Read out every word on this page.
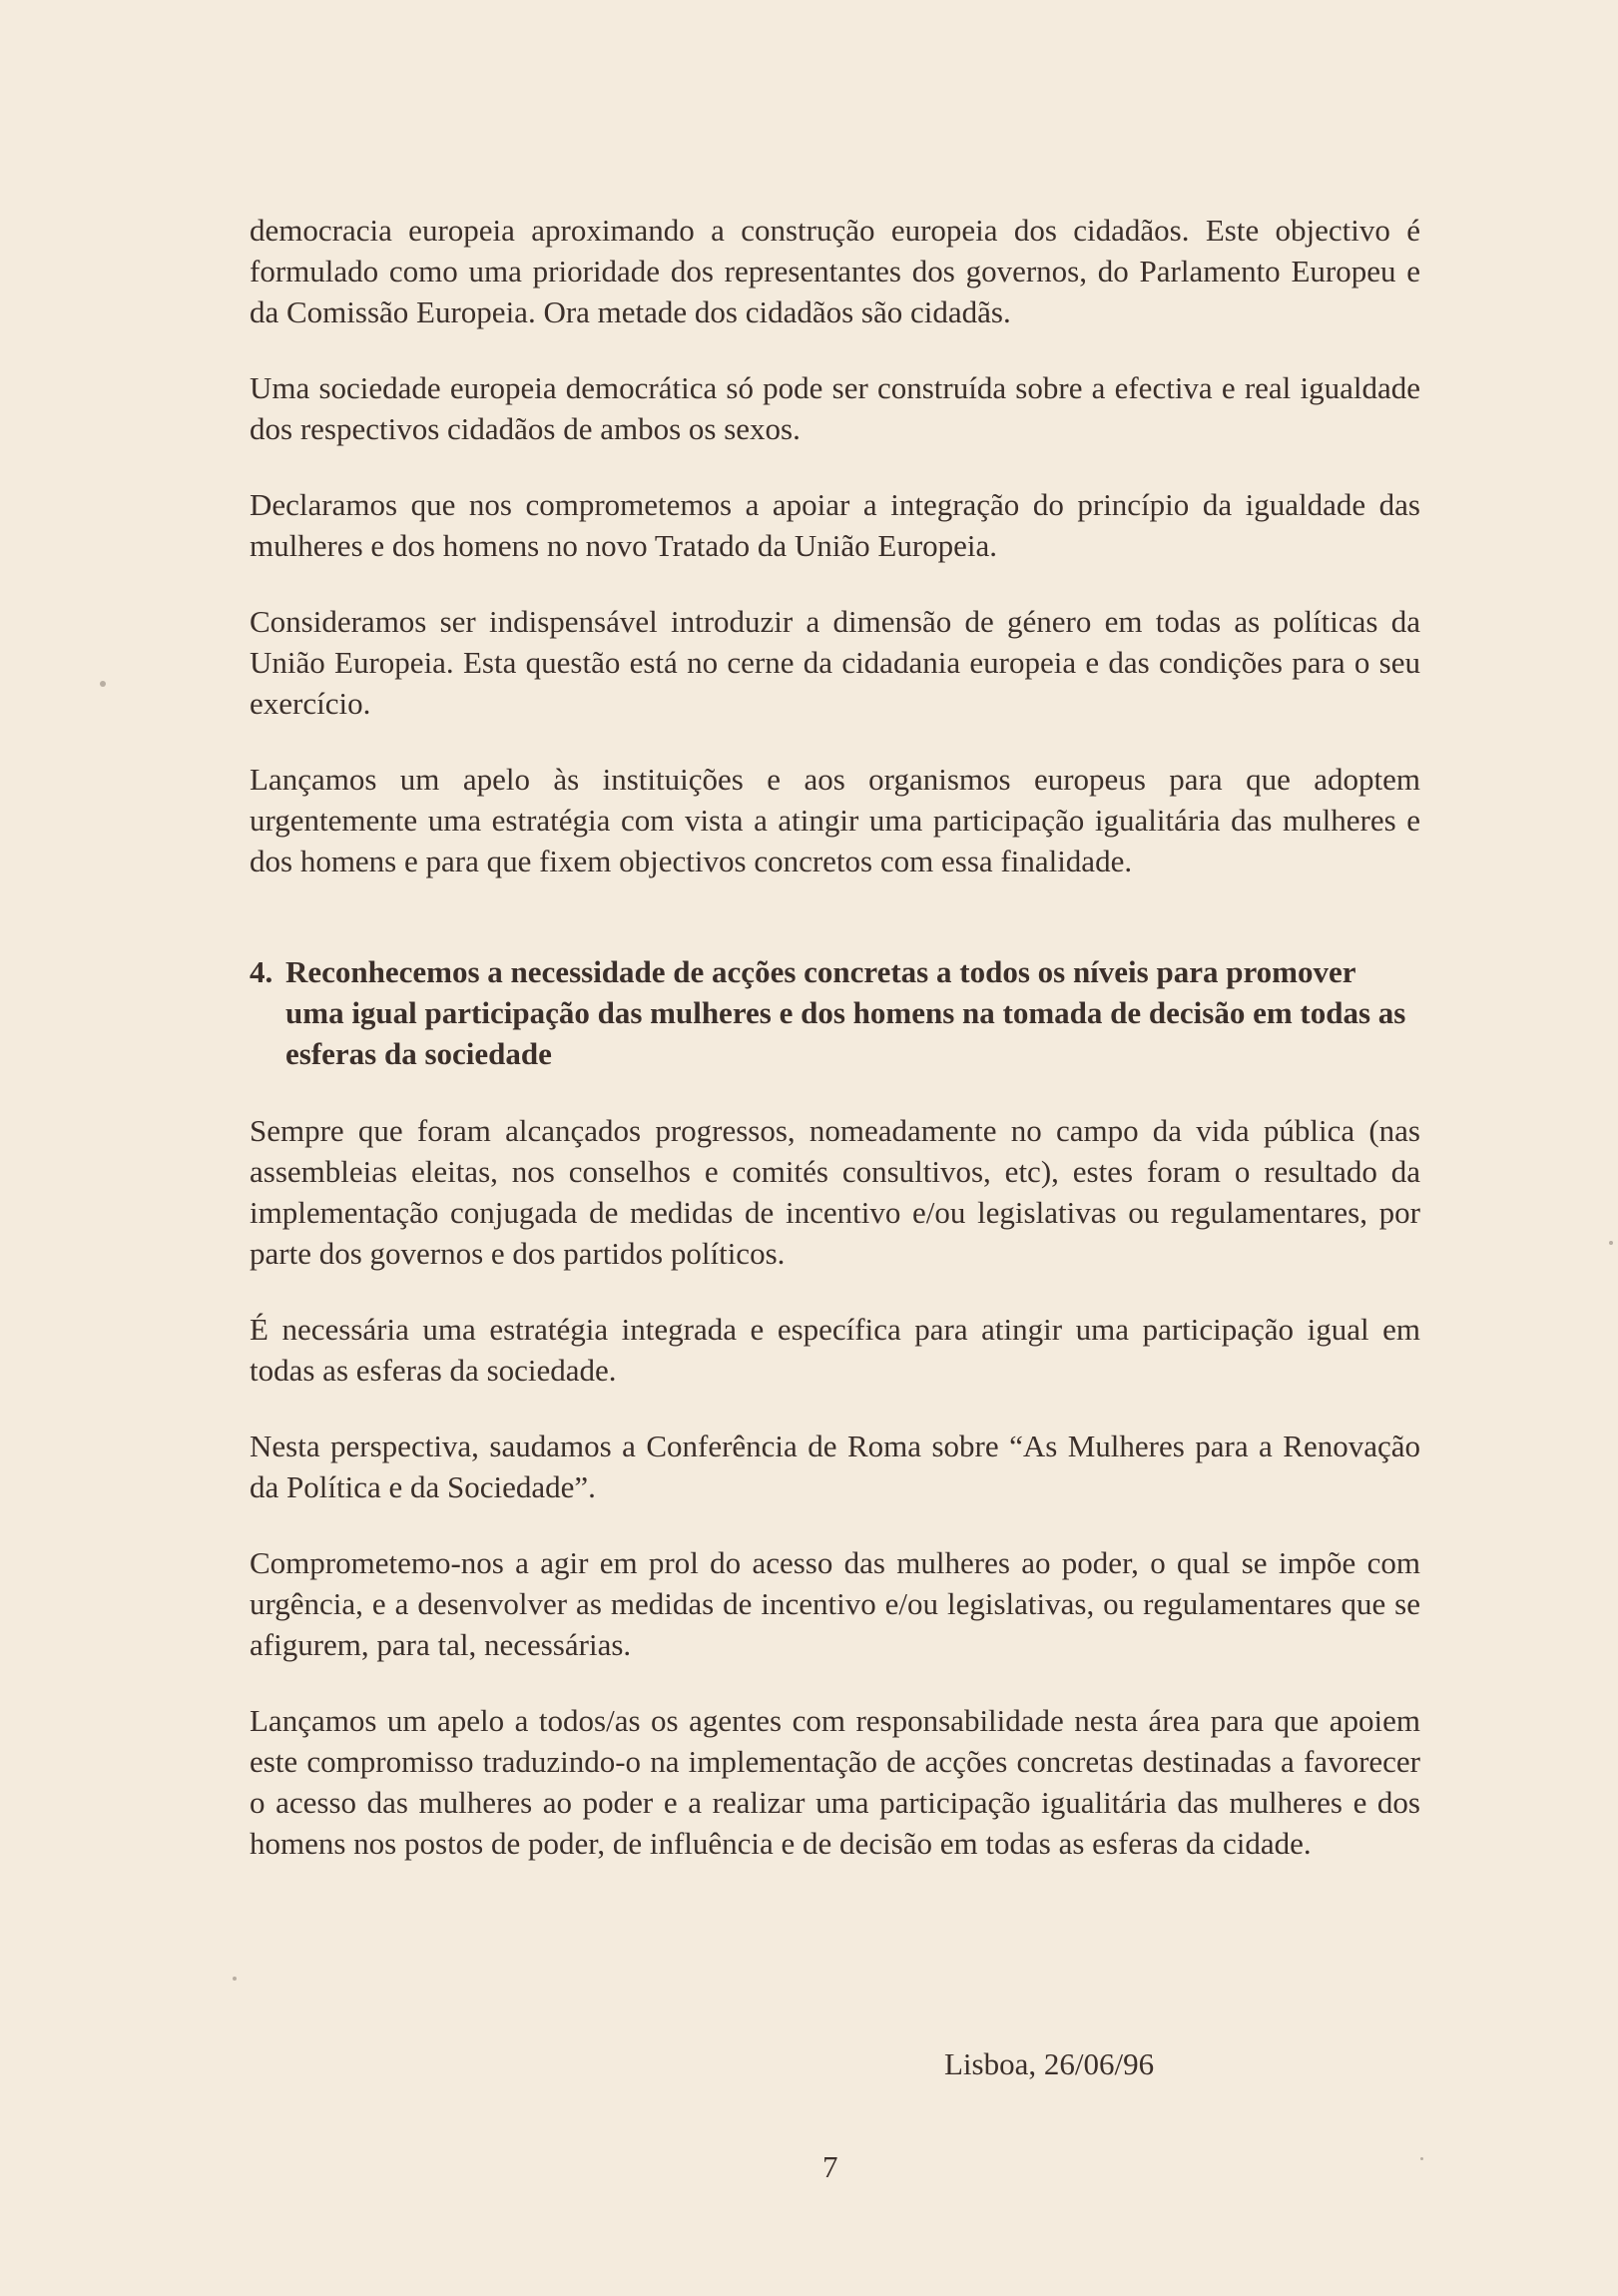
democracia europeia aproximando a construção europeia dos cidadãos. Este objectivo é formulado como uma prioridade dos representantes dos governos, do Parlamento Europeu e da Comissão Europeia. Ora metade dos cidadãos são cidadãs.

Uma sociedade europeia democrática só pode ser construída sobre a efectiva e real igualdade dos respectivos cidadãos de ambos os sexos.

Declaramos que nos comprometemos a apoiar a integração do princípio da igualdade das mulheres e dos homens no novo Tratado da União Europeia.

Consideramos ser indispensável introduzir a dimensão de género em todas as políticas da União Europeia. Esta questão está no cerne da cidadania europeia e das condições para o seu exercício.

Lançamos um apelo às instituições e aos organismos europeus para que adoptem urgentemente uma estratégia com vista a atingir uma participação igualitária das mulheres e dos homens e para que fixem objectivos concretos com essa finalidade.

4. Reconhecemos a necessidade de acções concretas a todos os níveis para promover uma igual participação das mulheres e dos homens na tomada de decisão em todas as esferas da sociedade

Sempre que foram alcançados progressos, nomeadamente no campo da vida pública (nas assembleias eleitas, nos conselhos e comités consultivos, etc), estes foram o resultado da implementação conjugada de medidas de incentivo e/ou legislativas ou regulamentares, por parte dos governos e dos partidos políticos.

É necessária uma estratégia integrada e específica para atingir uma participação igual em todas as esferas da sociedade.

Nesta perspectiva, saudamos a Conferência de Roma sobre “As Mulheres para a Renovação da Política e da Sociedade”.

Comprometemo-nos a agir em prol do acesso das mulheres ao poder, o qual se impõe com urgência, e a desenvolver as medidas de incentivo e/ou legislativas, ou regulamentares que se afigurem, para tal, necessárias.

Lançamos um apelo a todos/as os agentes com responsabilidade nesta área para que apoiem este compromisso traduzindo-o na implementação de acções concretas destinadas a favorecer o acesso das mulheres ao poder e a realizar uma participação igualitária das mulheres e dos homens nos postos de poder, de influência e de decisão em todas as esferas da cidade.

Lisboa, 26/06/96
7
